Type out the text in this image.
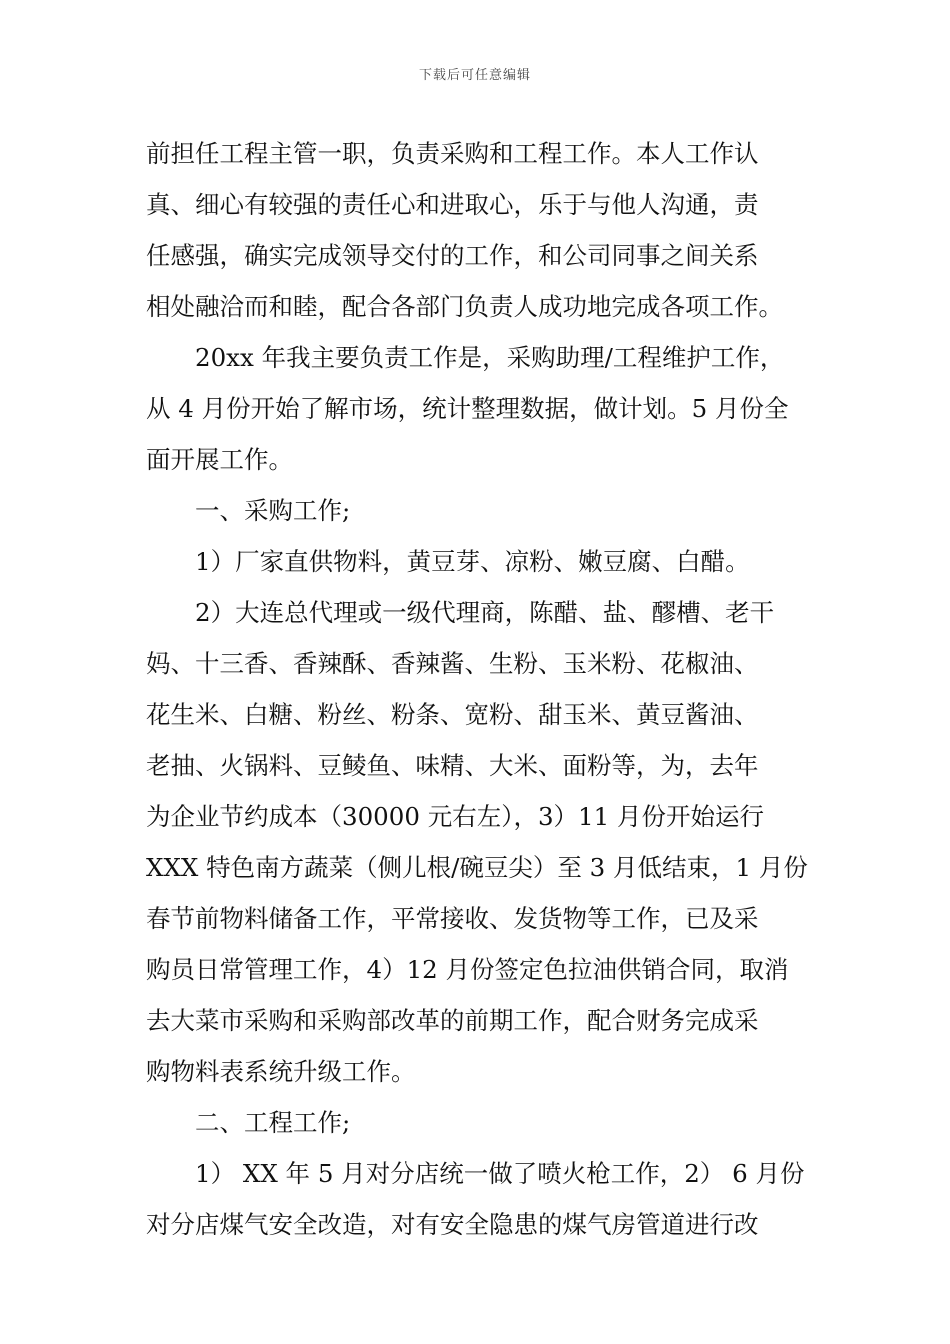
下载后可任意编辑
前担任工程主管一职，负责采购和工程工作。本人工作认
真、细心有较强的责任心和进取心，乐于与他人沟通，责
任感强，确实完成领导交付的工作，和公司同事之间关系
相处融洽而和睦，配合各部门负责人成功地完成各项工作。
20xx 年我主要负责工作是，采购助理/工程维护工作，
从 4 月份开始了解市场，统计整理数据，做计划。5 月份全
面开展工作。
一、采购工作;
1）厂家直供物料，黄豆芽、凉粉、嫩豆腐、白醋。
2）大连总代理或一级代理商，陈醋、盐、醪槽、老干
妈、十三香、香辣酥、香辣酱、生粉、玉米粉、花椒油、
花生米、白糖、粉丝、粉条、宽粉、甜玉米、黄豆酱油、
老抽、火锅料、豆鲮鱼、味精、大米、面粉等，为，去年
为企业节约成本（30000 元右左），3）11 月份开始运行
XXX 特色南方蔬菜（侧儿根/碗豆尖）至 3 月低结束，1 月份
春节前物料储备工作，平常接收、发货物等工作，已及采
购员日常管理工作，4）12 月份签定色拉油供销合同，取消
去大菜市采购和采购部改革的前期工作，配合财务完成采
购物料表系统升级工作。
二、工程工作;
1） XX 年 5 月对分店统一做了喷火枪工作，2） 6 月份
对分店煤气安全改造，对有安全隐患的煤气房管道进行改
